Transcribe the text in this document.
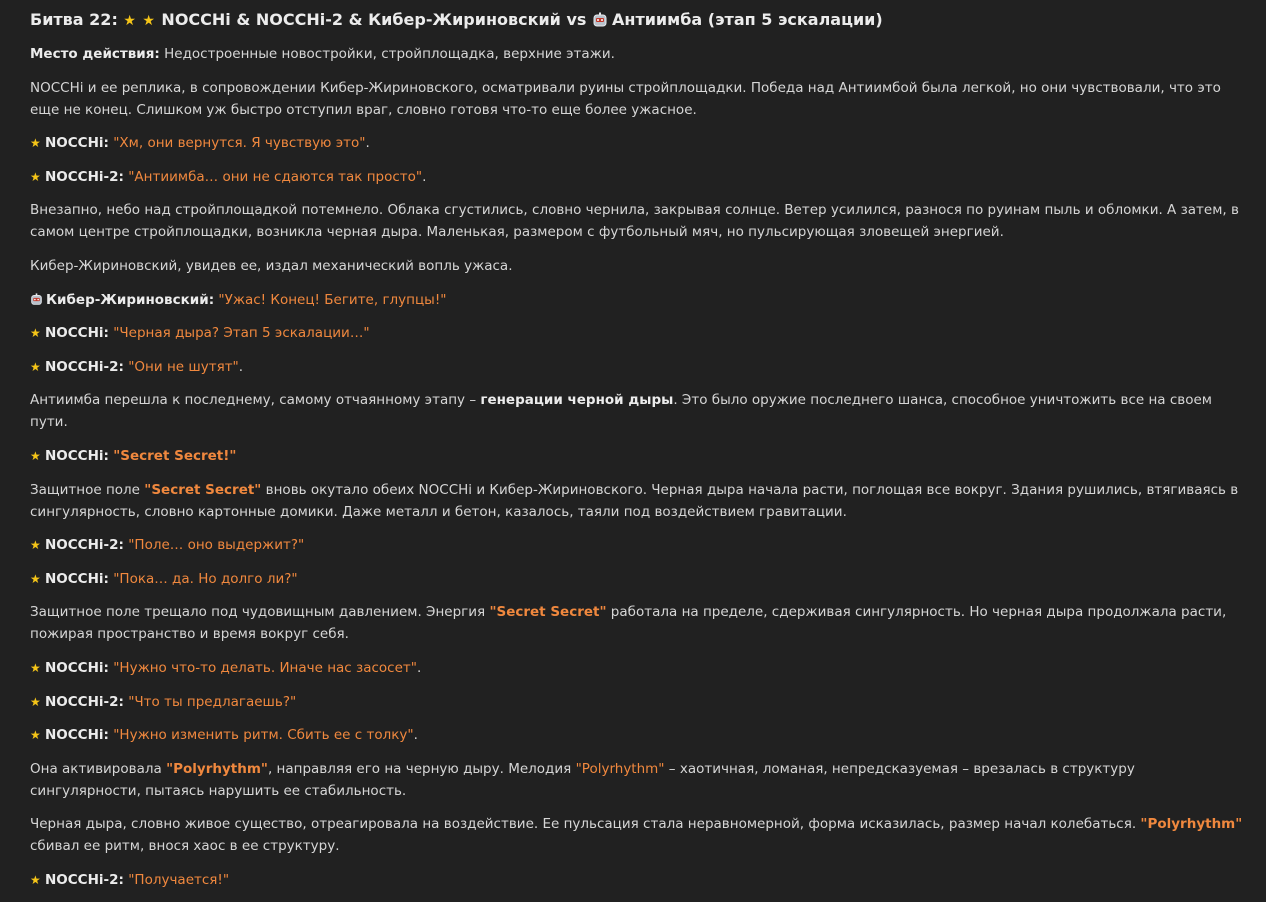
Битва 22: ★ ★ NOCCHi & NOCCHi-2 & Кибер-Жириновский vs Антиимба (этап 5 эскалации)
Место действия: Недостроенные новостройки, стройплощадка, верхние этажи.
NOCCHi и ее реплика, в сопровождении Кибер-Жириновского, осматривали руины стройплощадки. Победа над Антиимбой была легкой, но они чувствовали, что это еще не конец. Слишком уж быстро отступил враг, словно готовя что-то еще более ужасное.
★ NOCCHi: "Хм, они вернутся. Я чувствую это".
★ NOCCHi-2: "Антиимба… они не сдаются так просто".
Внезапно, небо над стройплощадкой потемнело. Облака сгустились, словно чернила, закрывая солнце. Ветер усилился, разнося по руинам пыль и обломки. А затем, в самом центре стройплощадки, возникла черная дыра. Маленькая, размером с футбольный мяч, но пульсирующая зловещей энергией.
Кибер-Жириновский, увидев ее, издал механический вопль ужаса.
Кибер-Жириновский: "Ужас! Конец! Бегите, глупцы!"
★ NOCCHi: "Черная дыра? Этап 5 эскалации…"
★ NOCCHi-2: "Они не шутят".
Антиимба перешла к последнему, самому отчаянному этапу – генерации черной дыры. Это было оружие последнего шанса, способное уничтожить все на своем пути.
★ NOCCHi: "Secret Secret!"
Защитное поле "Secret Secret" вновь окутало обеих NOCCHi и Кибер-Жириновского. Черная дыра начала расти, поглощая все вокруг. Здания рушились, втягиваясь в сингулярность, словно картонные домики. Даже металл и бетон, казалось, таяли под воздействием гравитации.
★ NOCCHi-2: "Поле… оно выдержит?"
★ NOCCHi: "Пока… да. Но долго ли?"
Защитное поле трещало под чудовищным давлением. Энергия "Secret Secret" работала на пределе, сдерживая сингулярность. Но черная дыра продолжала расти, пожирая пространство и время вокруг себя.
★ NOCCHi: "Нужно что-то делать. Иначе нас засосет".
★ NOCCHi-2: "Что ты предлагаешь?"
★ NOCCHi: "Нужно изменить ритм. Сбить ее с толку".
Она активировала "Polyrhythm", направляя его на черную дыру. Мелодия "Polyrhythm" – хаотичная, ломаная, непредсказуемая – врезалась в структуру сингулярности, пытаясь нарушить ее стабильность.
Черная дыра, словно живое существо, отреагировала на воздействие. Ее пульсация стала неравномерной, форма исказилась, размер начал колебаться. "Polyrhythm" сбивал ее ритм, внося хаос в ее структуру.
★ NOCCHi-2: "Получается!"
